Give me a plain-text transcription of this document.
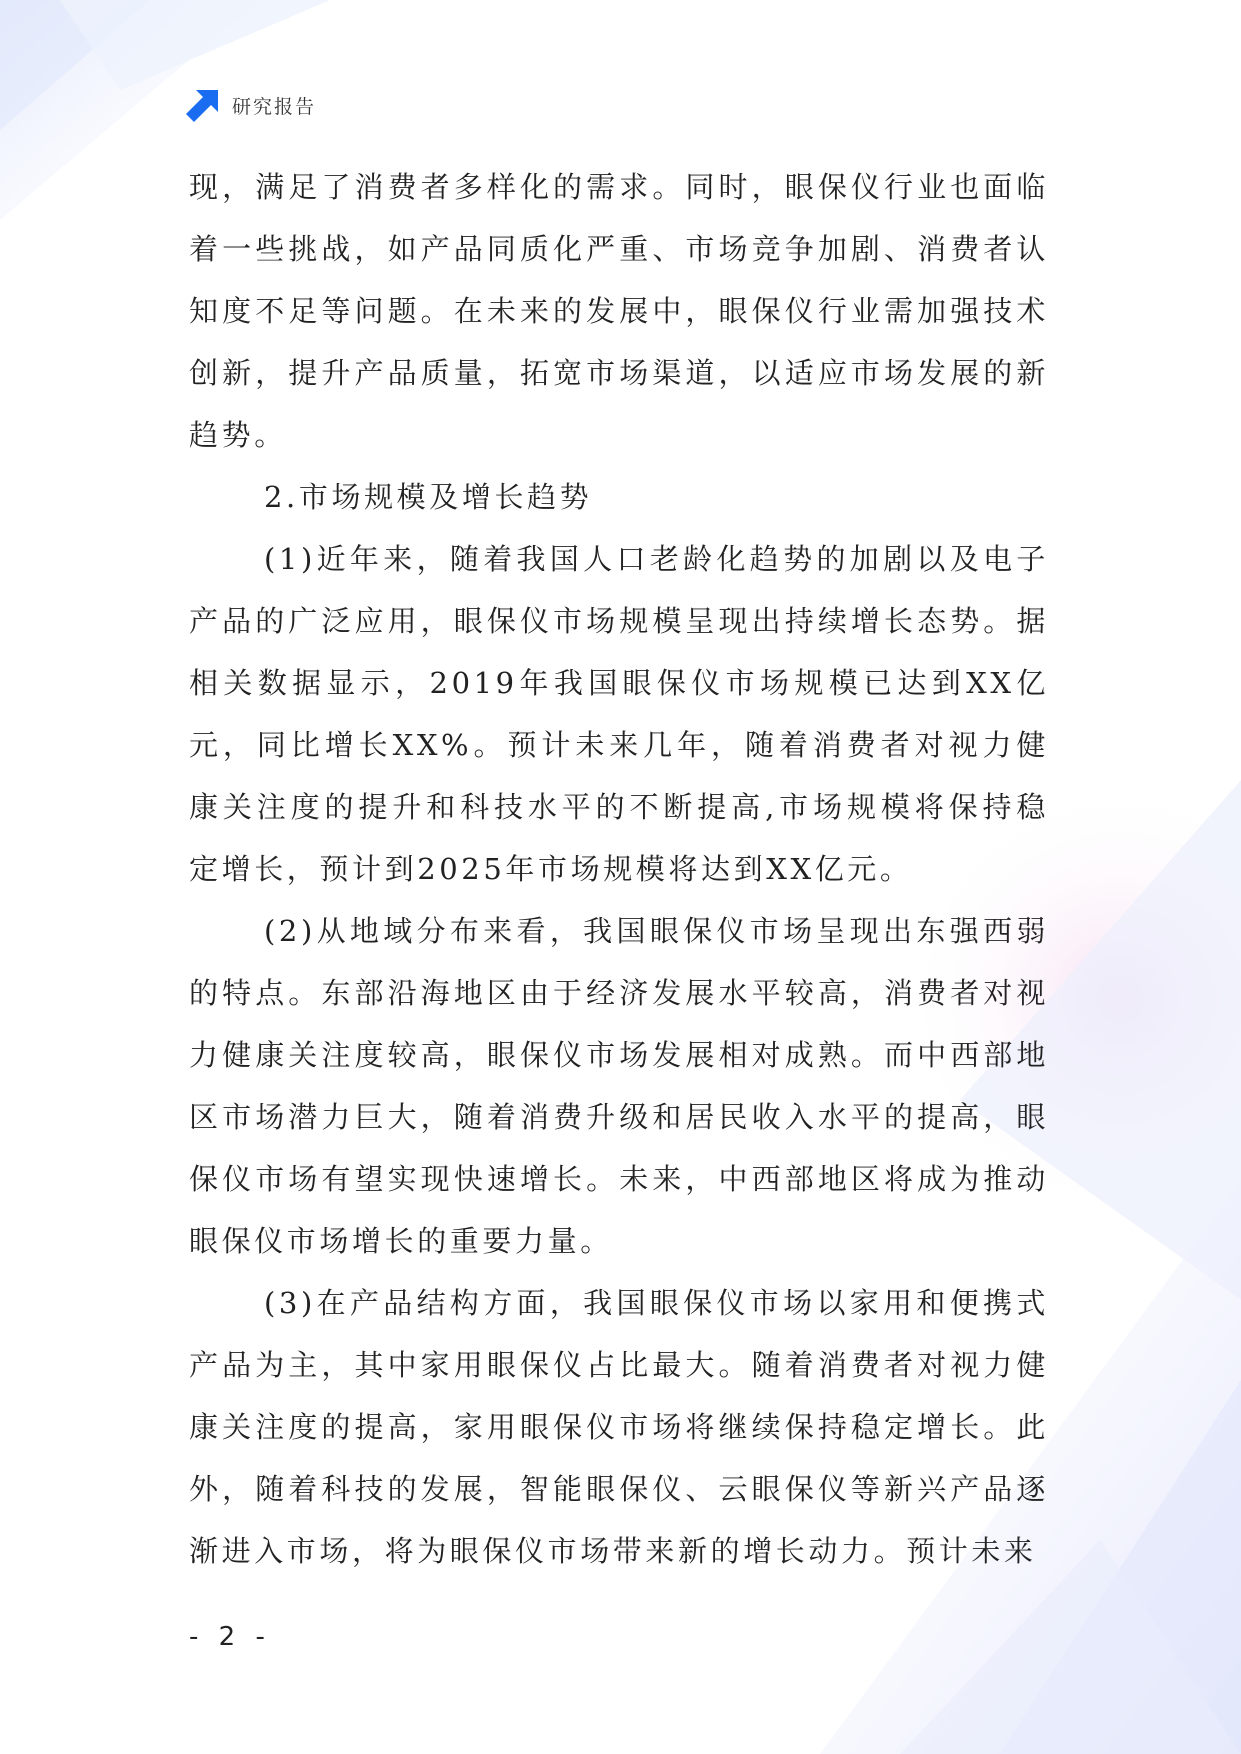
研究报告

现，满足了消费者多样化的需求。同时，眼保仪行业也面临着一些挑战，如产品同质化严重、市场竞争加剧、消费者认知度不足等问题。在未来的发展中，眼保仪行业需加强技术创新，提升产品质量，拓宽市场渠道，以适应市场发展的新趋势。

2.市场规模及增长趋势

(1)近年来，随着我国人口老龄化趋势的加剧以及电子产品的广泛应用，眼保仪市场规模呈现出持续增长态势。据相关数据显示，2019年我国眼保仪市场规模已达到XX亿元，同比增长XX%。预计未来几年，随着消费者对视力健康关注度的提升和科技水平的不断提高,市场规模将保持稳定增长，预计到2025年市场规模将达到XX亿元。

(2)从地域分布来看，我国眼保仪市场呈现出东强西弱的特点。东部沿海地区由于经济发展水平较高，消费者对视力健康关注度较高，眼保仪市场发展相对成熟。而中西部地区市场潜力巨大，随着消费升级和居民收入水平的提高，眼保仪市场有望实现快速增长。未来，中西部地区将成为推动眼保仪市场增长的重要力量。

(3)在产品结构方面，我国眼保仪市场以家用和便携式产品为主，其中家用眼保仪占比最大。随着消费者对视力健康关注度的提高，家用眼保仪市场将继续保持稳定增长。此外，随着科技的发展，智能眼保仪、云眼保仪等新兴产品逐渐进入市场，将为眼保仪市场带来新的增长动力。预计未来

- 2 -
